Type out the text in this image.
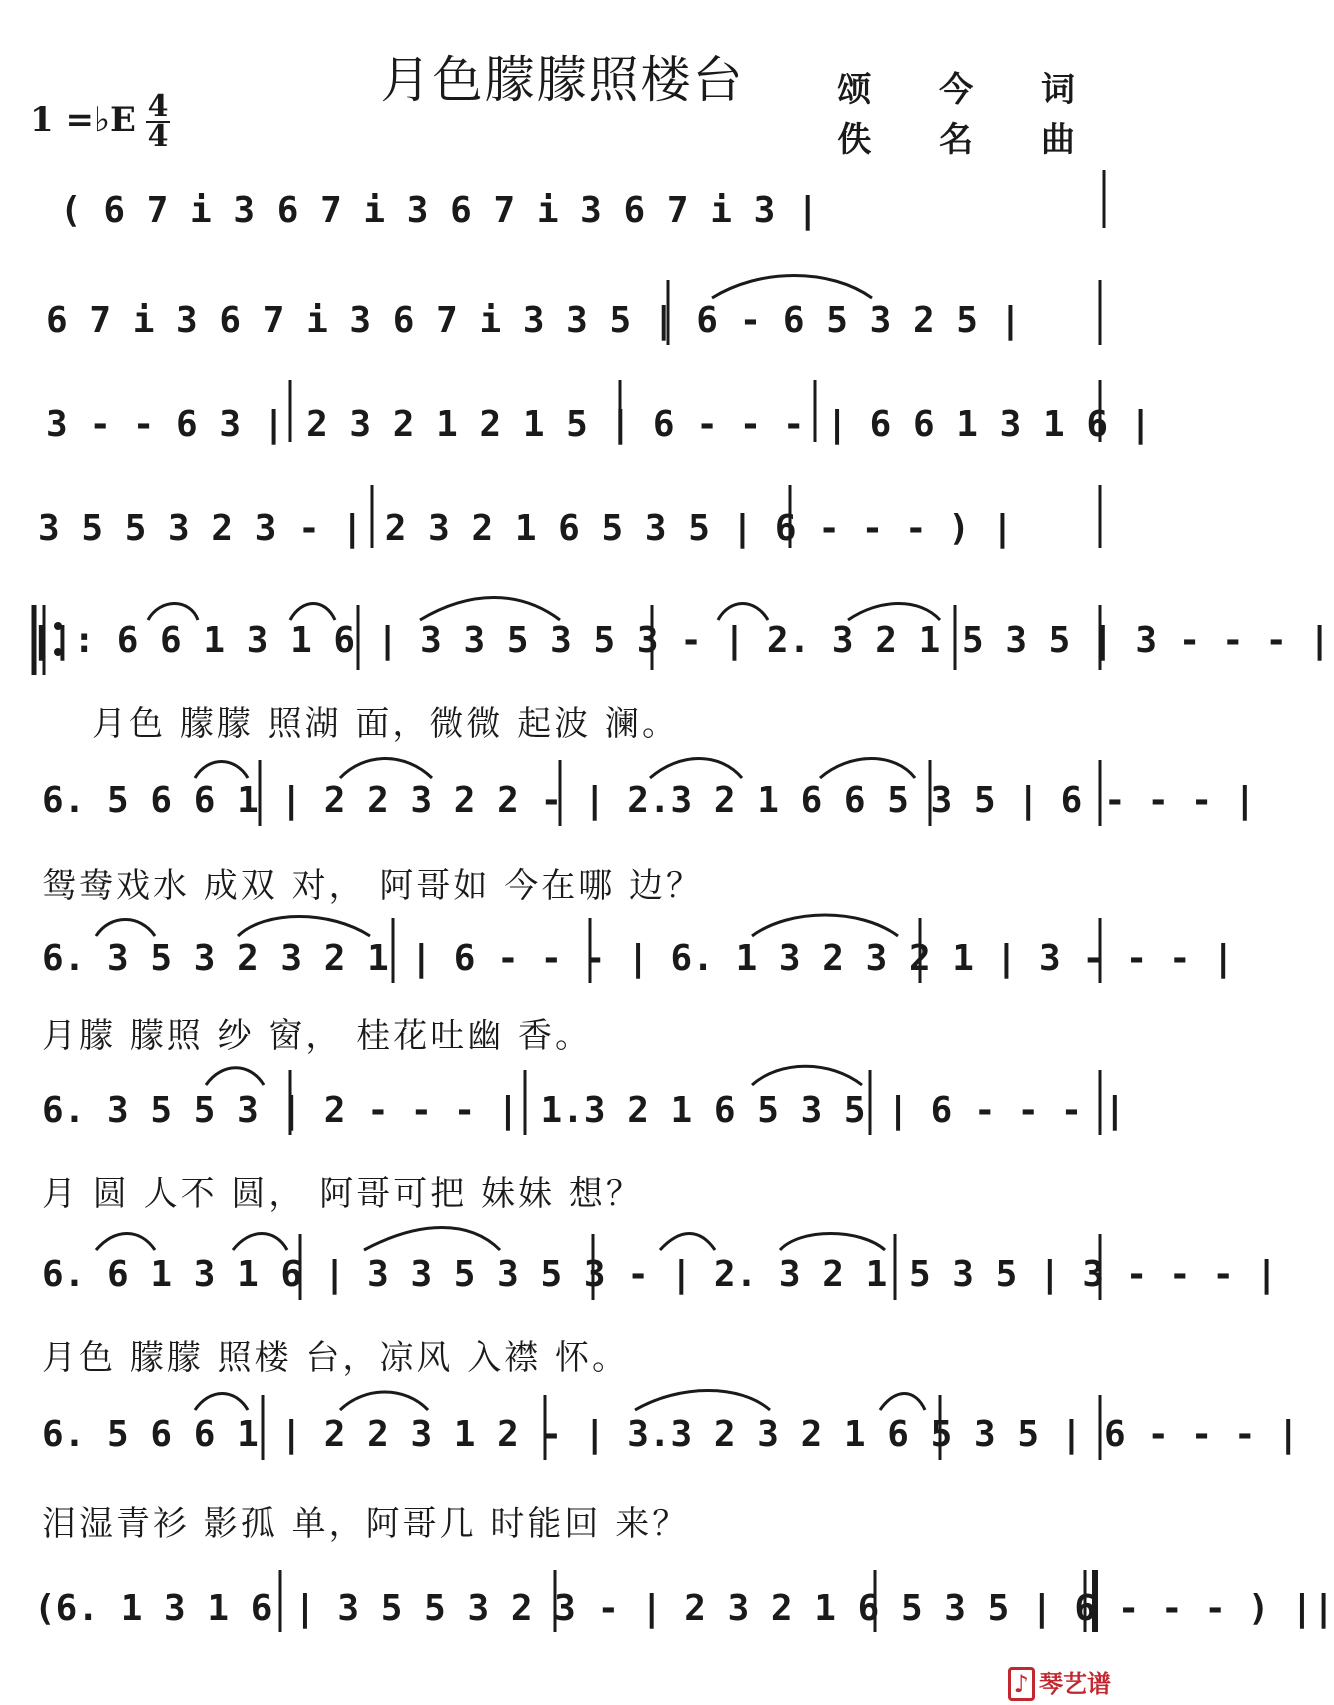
月色朦朦照楼台
1 =♭E 4
4
颂 今 词
佚 名 曲
( 6 7 i 3 6 7 i 3 6 7 i 3 6 7 i 3 |
6 7 i 3 6 7 i 3 6 7 i 3 3 5 | 6 - 6 5 3 2 5 |
3 - - 6 3 | 2 3 2 1 2 1 5 | 6 - - - | 6 6 1 3 1 6 |
3 5 5 3 2 3 - | 2 3 2 1 6 5 3 5 | 6 - - - ) |
||: 6 6 1 3 1 6 | 3 3 5 3 5 3 - | 2. 3 2 1 5 3 5 | 3 - - - |
月色 朦朦 照湖 面，微微 起波 澜。
6. 5 6 6 1 | 2 2 3 2 2 - | 2.3 2 1 6 6 5 3 5 | 6 - - - |
鸳鸯戏水 成双 对， 阿哥如 今在哪 边？
6. 3 5 3 2 3 2 1 | 6 - - - | 6. 1 3 2 3 2 1 | 3 - - - |
月朦 朦照 纱 窗， 桂花吐幽 香。
6. 3 5 5 3 | 2 - - - | 1.3 2 1 6 5 3 5 | 6 - - - |
月 圆 人不 圆， 阿哥可把 妹妹 想？
6. 6 1 3 1 6 | 3 3 5 3 5 3 - | 2. 3 2 1 5 3 5 | 3 - - - |
月色 朦朦 照楼 台，凉风 入襟 怀。
6. 5 6 6 1 | 2 2 3 1 2 - | 3.3 2 3 2 1 6 5 3 5 | 6 - - - |
泪湿青衫 影孤 单，阿哥几 时能回 来？
(6. 1 3 1 6 | 3 5 5 3 2 3 - | 2 3 2 1 6 5 3 5 | 6 - - - ) ||
♪ 琴艺谱
